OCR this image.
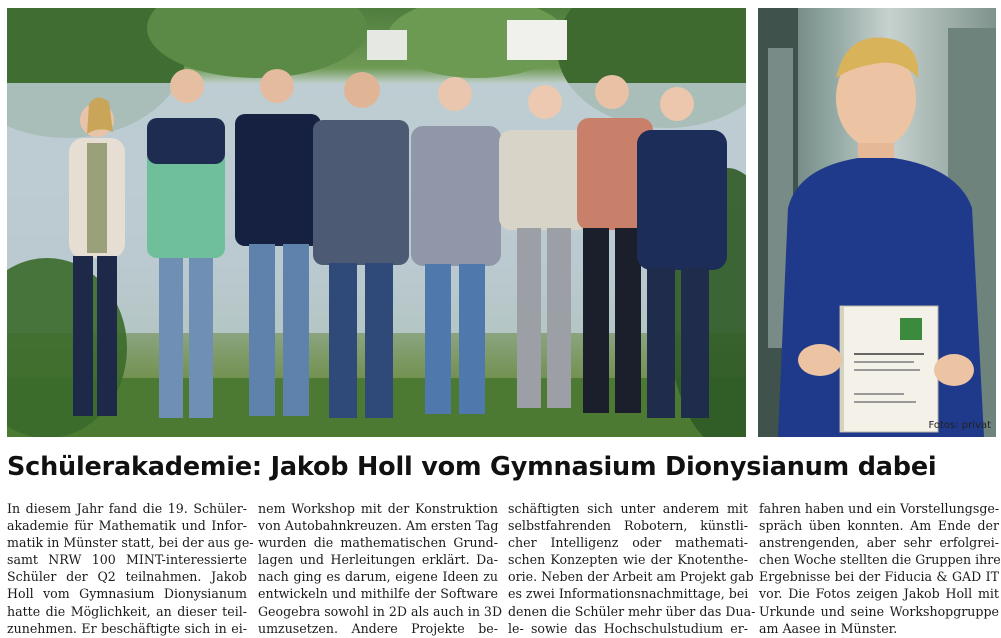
Fotos: privat
Schülerakademie: Jakob Holl vom Gymnasium Dionysianum dabei
In diesem Jahr fand die 19. Schüler-
akademie für Mathematik und Infor-
matik in Münster statt, bei der aus ge-
samt NRW 100 MINT-interessierte
Schüler der Q2 teilnahmen. Jakob
Holl vom Gymnasium Dionysianum
hatte die Möglichkeit, an dieser teil-
zunehmen. Er beschäftigte sich in ei-
nem Workshop mit der Konstruktion
von Autobahnkreuzen. Am ersten Tag
wurden die mathematischen Grund-
lagen und Herleitungen erklärt. Da-
nach ging es darum, eigene Ideen zu
entwickeln und mithilfe der Software
Geogebra sowohl in 2D als auch in 3D
umzusetzen. Andere Projekte be-
schäftigten sich unter anderem mit
selbstfahrenden Robotern, künstli-
cher Intelligenz oder mathemati-
schen Konzepten wie der Knotenthe-
orie. Neben der Arbeit am Projekt gab
es zwei Informationsnachmittage, bei
denen die Schüler mehr über das Dua-
le- sowie das Hochschulstudium er-
fahren haben und ein Vorstellungsge-
spräch üben konnten. Am Ende der
anstrengenden, aber sehr erfolgrei-
chen Woche stellten die Gruppen ihre
Ergebnisse bei der Fiducia & GAD IT
vor. Die Fotos zeigen Jakob Holl mit
Urkunde und seine Workshopgruppe
am Aasee in Münster.
